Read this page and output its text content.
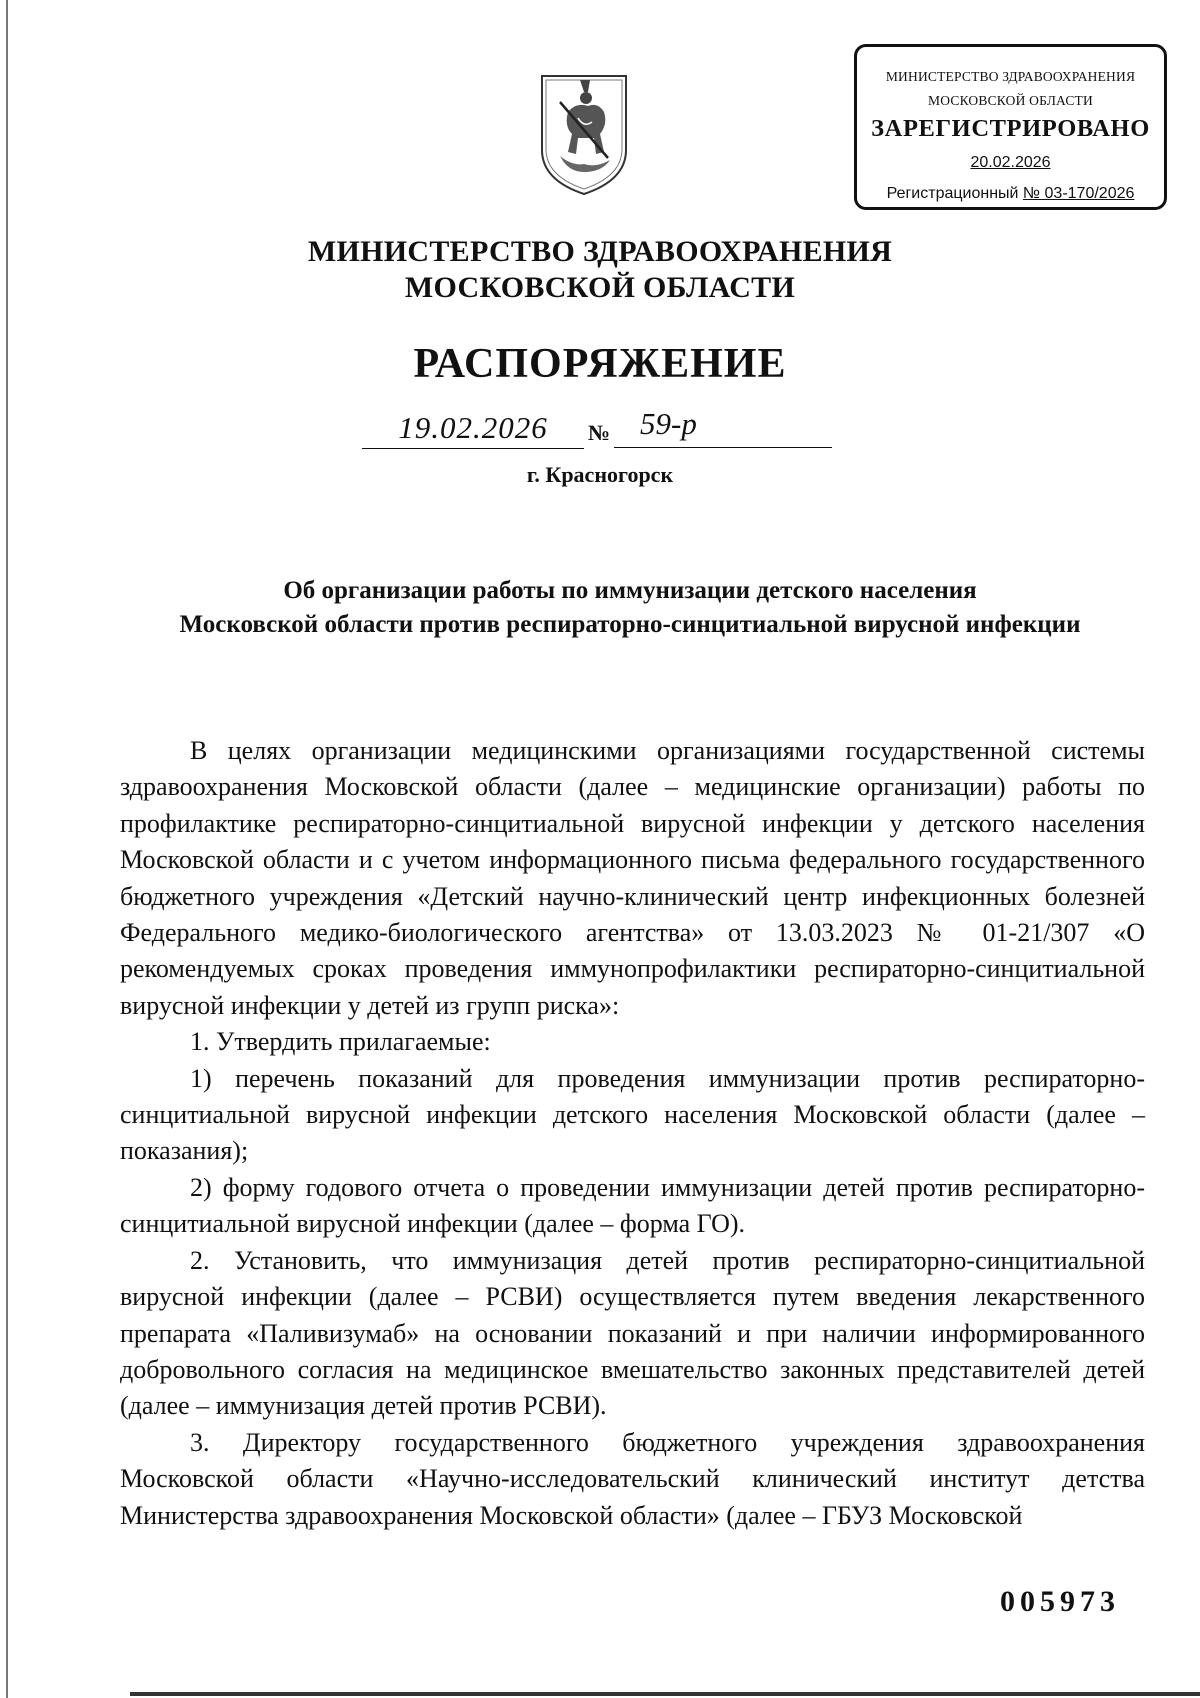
МИНИСТЕРСТВО ЗДРАВООХРАНЕНИЯ
МОСКОВСКОЙ ОБЛАСТИ
ЗАРЕГИСТРИРОВАНО
20.02.2026
Регистрационный № 03-170/2026
МИНИСТЕРСТВО ЗДРАВООХРАНЕНИЯ
МОСКОВСКОЙ ОБЛАСТИ
РАСПОРЯЖЕНИЕ
19.02.2026	№ 59-р
г. Красногорск
Об организации работы по иммунизации детского населения
Московской области против респираторно-синцитиальной вирусной инфекции

В целях организации медицинскими организациями государственной системы здравоохранения Московской области (далее – медицинские организации) работы по профилактике респираторно-синцитиальной вирусной инфекции у детского населения Московской области и с учетом информационного письма федерального государственного бюджетного учреждения «Детский научно-клинический центр инфекционных болезней Федерального медико-биологического агентства» от 13.03.2023 № 01-21/307 «О рекомендуемых сроках проведения иммунопрофилактики респираторно-синцитиальной вирусной инфекции у детей из групп риска»:

1. Утвердить прилагаемые:

1) перечень показаний для проведения иммунизации против респираторно-синцитиальной вирусной инфекции детского населения Московской области (далее – показания);

2) форму годового отчета о проведении иммунизации детей против респираторно-синцитиальной вирусной инфекции (далее – форма ГО).

2. Установить, что иммунизация детей против респираторно-синцитиальной вирусной инфекции (далее – РСВИ) осуществляется путем введения лекарственного препарата «Паливизумаб» на основании показаний и при наличии информированного добровольного согласия на медицинское вмешательство законных представителей детей (далее – иммунизация детей против РСВИ).

3. Директору государственного бюджетного учреждения здравоохранения Московской области «Научно-исследовательский клинический институт детства Министерства здравоохранения Московской области» (далее – ГБУЗ Московской

005973
